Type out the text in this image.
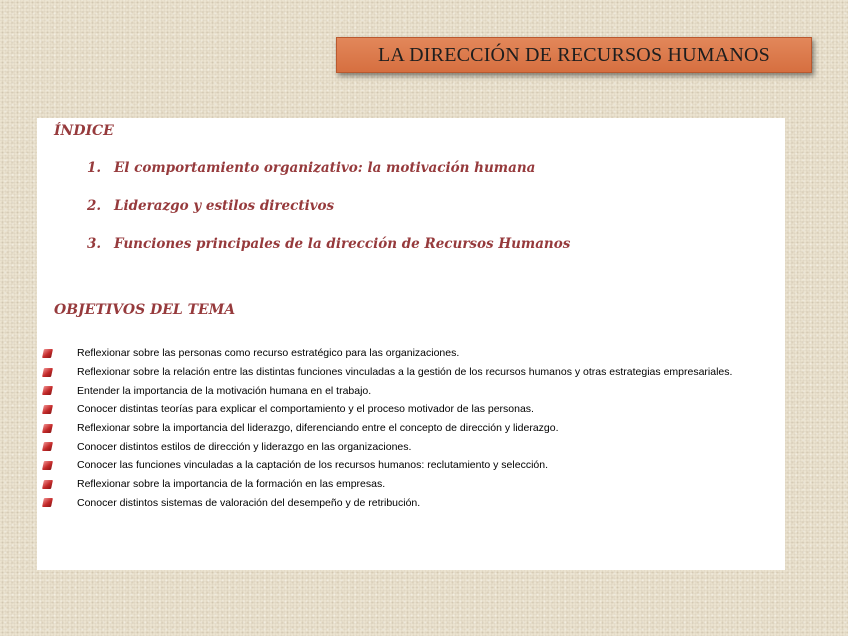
LA DIRECCIÓN DE RECURSOS HUMANOS
ÍNDICE
1. El comportamiento organizativo: la motivación humana
2. Liderazgo y estilos directivos
3. Funciones principales de la dirección de Recursos Humanos
OBJETIVOS DEL TEMA
Reflexionar sobre las personas como recurso estratégico para las organizaciones.
Reflexionar sobre la relación entre las distintas funciones vinculadas a la gestión de los recursos humanos y otras estrategias empresariales.
Entender la importancia de la motivación humana en el trabajo.
Conocer distintas teorías para explicar el comportamiento y el proceso motivador de las personas.
Reflexionar sobre la importancia del liderazgo, diferenciando entre el concepto de dirección y liderazgo.
Conocer distintos estilos de dirección y liderazgo en las organizaciones.
Conocer las funciones vinculadas a la captación de los recursos humanos: reclutamiento y selección.
Reflexionar sobre la importancia de la formación en las empresas.
Conocer distintos sistemas de valoración del desempeño y de retribución.
